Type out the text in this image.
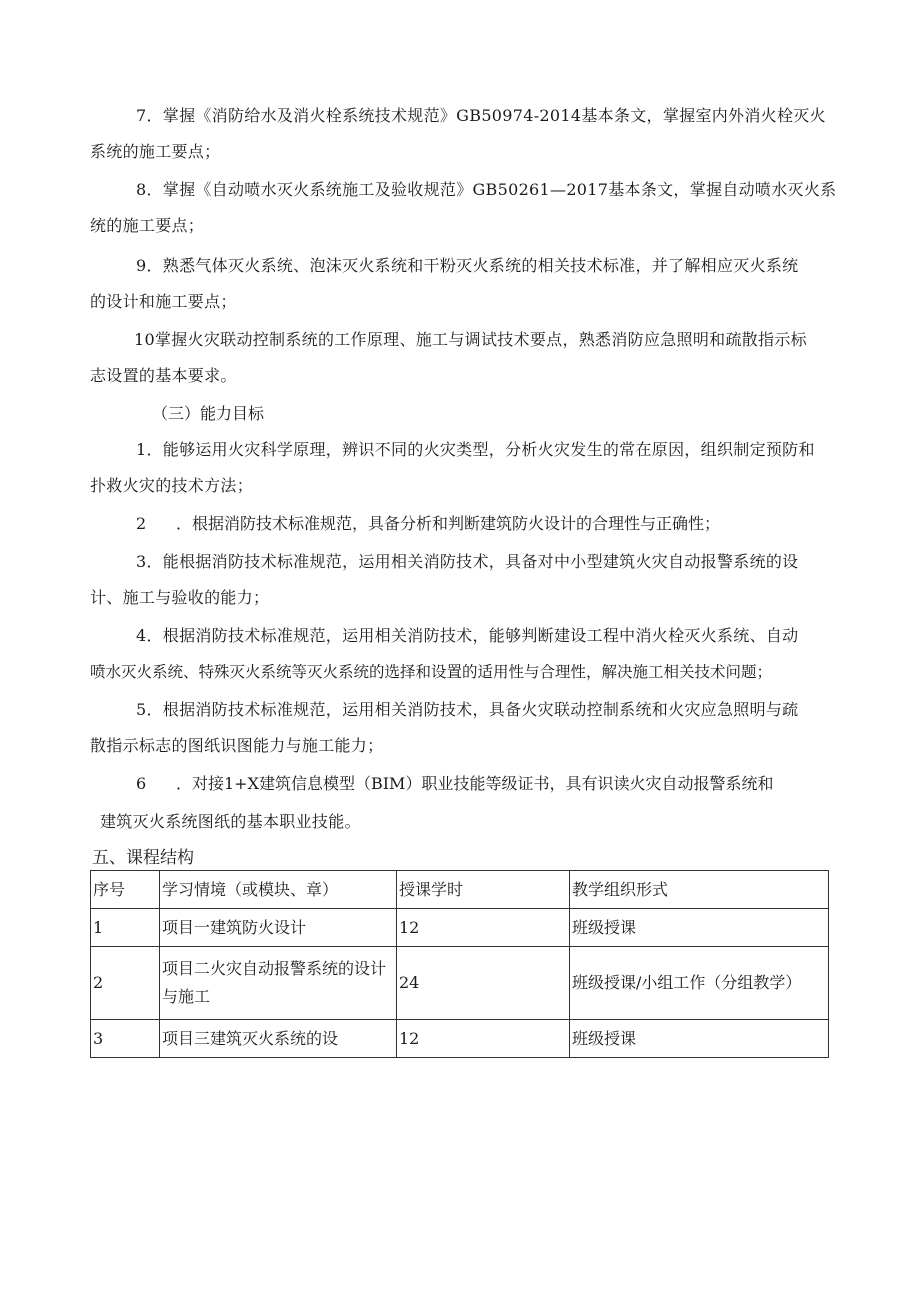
7．掌握《消防给水及消火栓系统技术规范》GB50974-2014基本条文，掌握室内外消火栓灭火
系统的施工要点；
8．掌握《自动喷水灭火系统施工及验收规范》GB50261—2017基本条文，掌握自动喷水灭火系
统的施工要点；
9．熟悉气体灭火系统、泡沫灭火系统和干粉灭火系统的相关技术标准，并了解相应灭火系统
的设计和施工要点；
10掌握火灾联动控制系统的工作原理、施工与调试技术要点，熟悉消防应急照明和疏散指示标
志设置的基本要求。
（三）能力目标
1．能够运用火灾科学原理，辨识不同的火灾类型，分析火灾发生的常在原因，组织制定预防和
扑救火灾的技术方法；
2 ．根据消防技术标准规范，具备分析和判断建筑防火设计的合理性与正确性；
3．能根据消防技术标准规范，运用相关消防技术，具备对中小型建筑火灾自动报警系统的设
计、施工与验收的能力；
4．根据消防技术标准规范，运用相关消防技术，能够判断建设工程中消火栓灭火系统、自动
喷水灭火系统、特殊灭火系统等灭火系统的选择和设置的适用性与合理性，解决施工相关技术问题；
5．根据消防技术标准规范，运用相关消防技术，具备火灾联动控制系统和火灾应急照明与疏
散指示标志的图纸识图能力与施工能力；
6 ．对接1+X建筑信息模型（BIM）职业技能等级证书，具有识读火灾自动报警系统和
建筑灭火系统图纸的基本职业技能。
五、课程结构
序号	学习情境（或模块、章）	授课学时	教学组织形式
1	项目一建筑防火设计	12	班级授课
2	项目二火灾自动报警系统的设计与施工	24	班级授课/小组工作（分组教学）
3	项目三建筑灭火系统的设	12	班级授课
